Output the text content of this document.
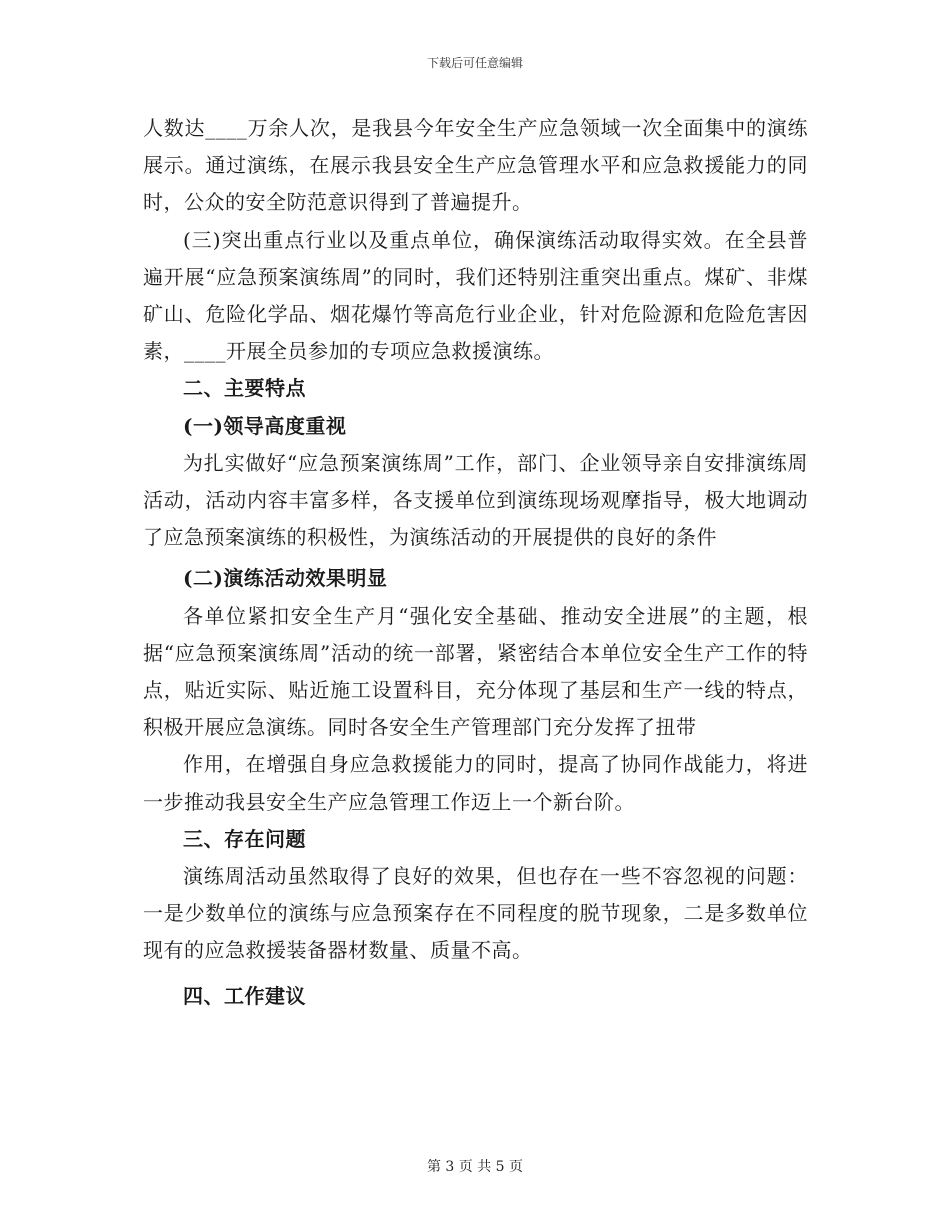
下载后可任意编辑

人数达____万余人次，是我县今年安全生产应急领域一次全面集中的演练展示。通过演练，在展示我县安全生产应急管理水平和应急救援能力的同时，公众的安全防范意识得到了普遍提升。

(三)突出重点行业以及重点单位，确保演练活动取得实效。在全县普遍开展“应急预案演练周”的同时，我们还特别注重突出重点。煤矿、非煤矿山、危险化学品、烟花爆竹等高危行业企业，针对危险源和危险危害因素，____开展全员参加的专项应急救援演练。

二、主要特点

(一)领导高度重视

为扎实做好“应急预案演练周”工作，部门、企业领导亲自安排演练周活动，活动内容丰富多样，各支援单位到演练现场观摩指导，极大地调动了应急预案演练的积极性，为演练活动的开展提供的良好的条件

(二)演练活动效果明显

各单位紧扣安全生产月“强化安全基础、推动安全进展”的主题，根据“应急预案演练周”活动的统一部署，紧密结合本单位安全生产工作的特点，贴近实际、贴近施工设置科目，充分体现了基层和生产一线的特点，积极开展应急演练。同时各安全生产管理部门充分发挥了扭带

作用，在增强自身应急救援能力的同时，提高了协同作战能力，将进一步推动我县安全生产应急管理工作迈上一个新台阶。

三、存在问题

演练周活动虽然取得了良好的效果，但也存在一些不容忽视的问题：一是少数单位的演练与应急预案存在不同程度的脱节现象，二是多数单位现有的应急救援装备器材数量、质量不高。

四、工作建议

第 3 页 共 5 页
